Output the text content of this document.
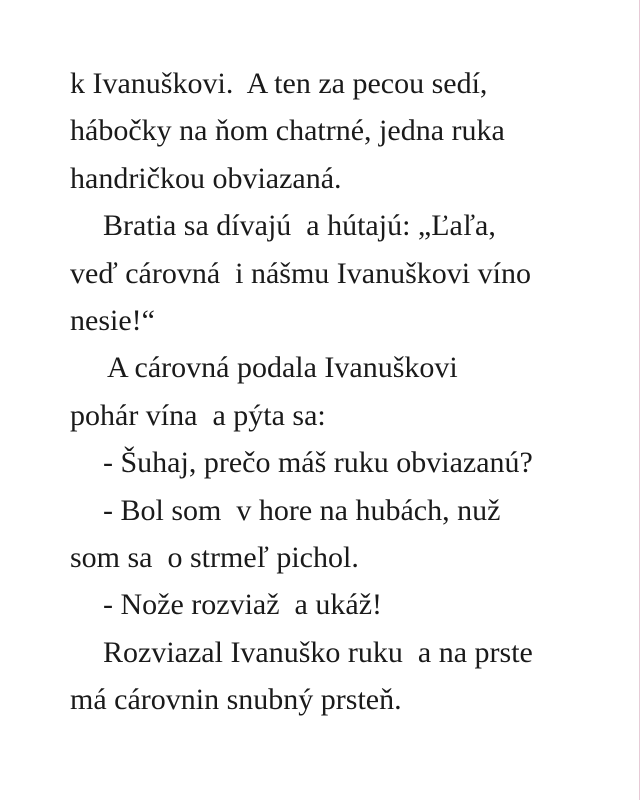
k Ivanuškovi.  A ten za pecou sedí,

hábočky na ňom chatrné, jedna ruka

handričkou obviazaná.

Bratia sa dívajú  a hútajú: „Ľaľa,

veď cárovná  i nášmu Ivanuškovi víno

nesie!“

A cárovná podala Ivanuškovi

pohár vína  a pýta sa:

- Šuhaj, prečo máš ruku obviazanú?

- Bol som  v hore na hubách, nuž

som sa  o strmeľ pichol.

- Nože rozviaž  a ukáž!

Rozviazal Ivanuško ruku  a na prste

má cárovnin snubný prsteň.
